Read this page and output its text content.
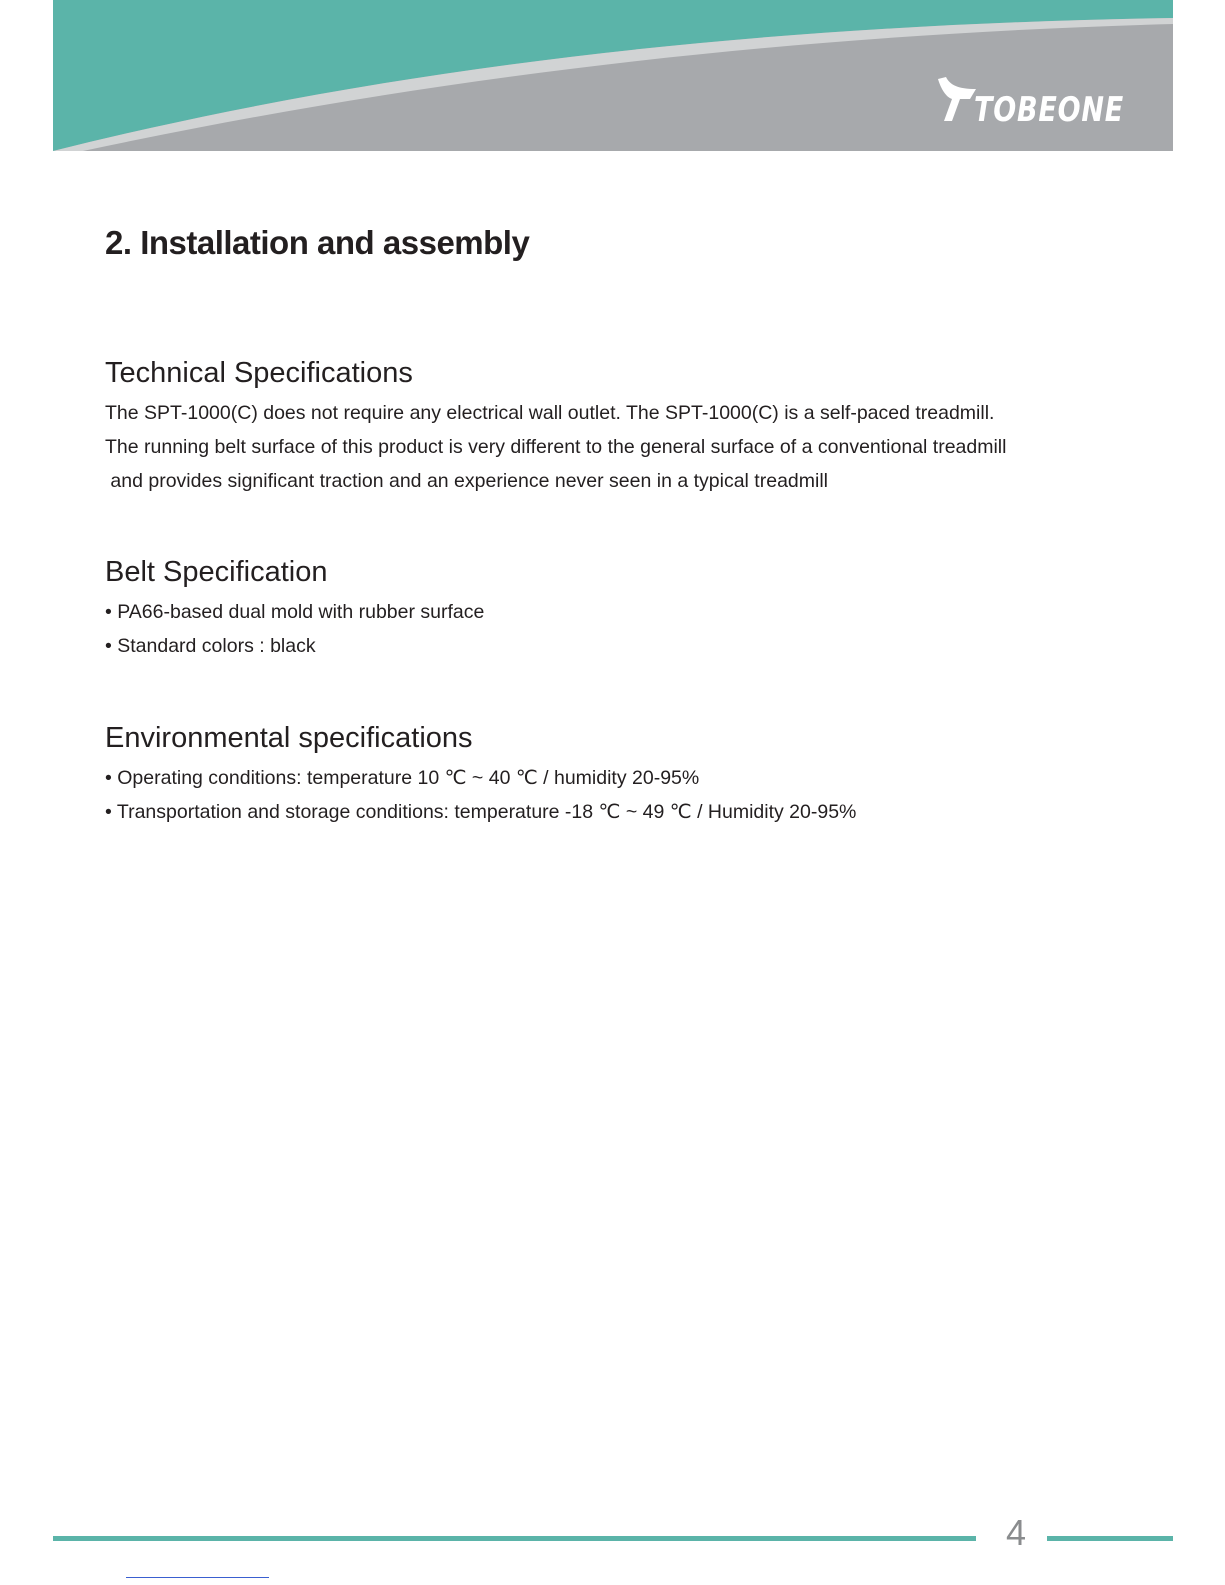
TOBEONE
2. Installation and assembly
Technical Specifications

The SPT-1000(C) does not require any electrical wall outlet. The SPT-1000(C) is a self-paced treadmill.

The running belt surface of this product is very different to the general surface of a conventional treadmill

and provides significant traction and an experience never seen in a typical treadmill

Belt Specification

• PA66-based dual mold with rubber surface

• Standard colors : black

Environmental specifications

• Operating conditions: temperature 10 ℃ ~ 40 ℃ / humidity 20-95%

• Transportation and storage conditions: temperature -18 ℃ ~ 49 ℃ / Humidity 20-95%

4
